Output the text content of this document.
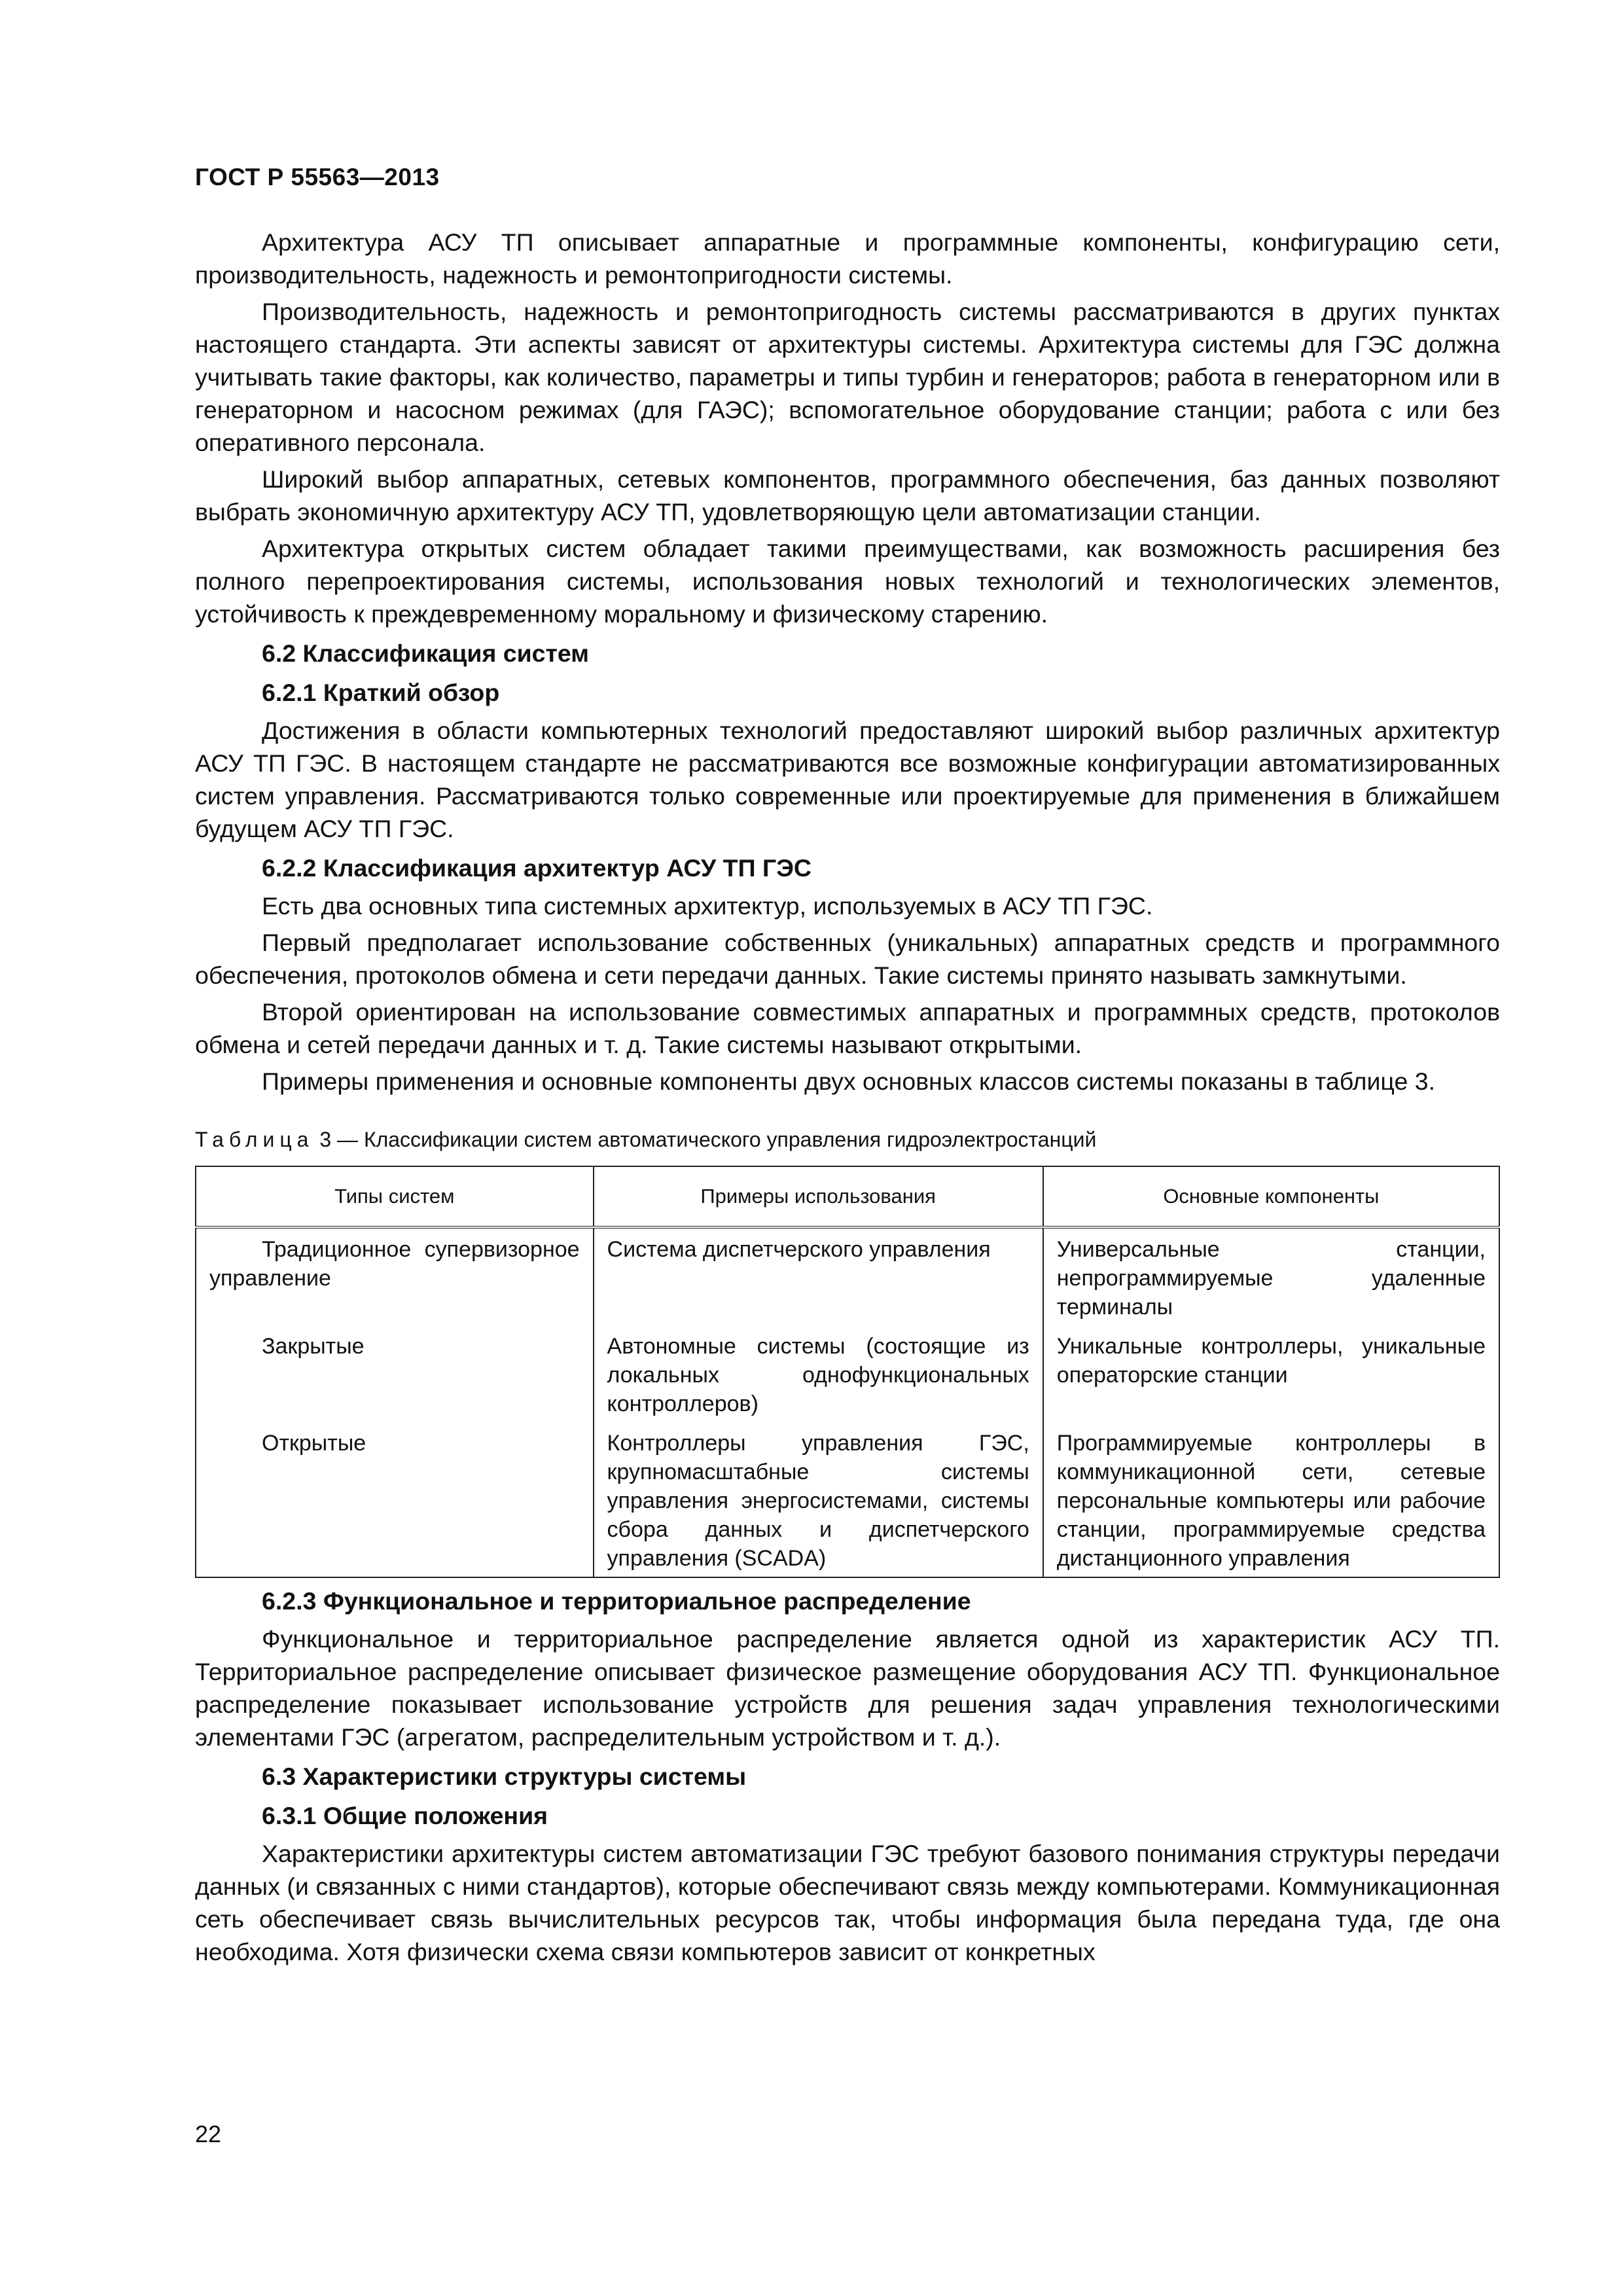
ГОСТ Р 55563—2013

Архитектура АСУ ТП описывает аппаратные и программные компоненты, конфигурацию сети, производительность, надежность и ремонтопригодности системы.

Производительность, надежность и ремонтопригодность системы рассматриваются в других пунктах настоящего стандарта. Эти аспекты зависят от архитектуры системы. Архитектура системы для ГЭС должна учитывать такие факторы, как количество, параметры и типы турбин и генераторов; работа в генераторном или в генераторном и насосном режимах (для ГАЭС); вспомогательное оборудование станции; работа с или без оперативного персонала.

Широкий выбор аппаратных, сетевых компонентов, программного обеспечения, баз данных позволяют выбрать экономичную архитектуру АСУ ТП, удовлетворяющую цели автоматизации станции.

Архитектура открытых систем обладает такими преимуществами, как возможность расширения без полного перепроектирования системы, использования новых технологий и технологических элементов, устойчивость к преждевременному моральному и физическому старению.

6.2 Классификация систем
6.2.1 Краткий обзор

Достижения в области компьютерных технологий предоставляют широкий выбор различных архитектур АСУ ТП ГЭС. В настоящем стандарте не рассматриваются все возможные конфигурации автоматизированных систем управления. Рассматриваются только современные или проектируемые для применения в ближайшем будущем АСУ ТП ГЭС.

6.2.2 Классификация архитектур АСУ ТП ГЭС

Есть два основных типа системных архитектур, используемых в АСУ ТП ГЭС.

Первый предполагает использование собственных (уникальных) аппаратных средств и программного обеспечения, протоколов обмена и сети передачи данных. Такие системы принято называть замкнутыми.

Второй ориентирован на использование совместимых аппаратных и программных средств, протоколов обмена и сетей передачи данных и т. д. Такие системы называют открытыми.

Примеры применения и основные компоненты двух основных классов системы показаны в таблице 3.

Таблица 3 — Классификации систем автоматического управления гидроэлектростанций
Типы систем	Примеры использования	Основные компоненты
Традиционное супервизорное управление	Система диспетчерского управления	Универсальные станции, непрограммируемые удаленные терминалы
Закрытые	Автономные системы (состоящие из локальных однофункциональных контроллеров)	Уникальные контроллеры, уникальные операторские станции
Открытые	Контроллеры управления ГЭС, крупномасштабные системы управления энергосистемами, системы сбора данных и диспетчерского управления (SCADA)	Программируемые контроллеры в коммуникационной сети, сетевые персональные компьютеры или рабочие станции, программируемые средства дистанционного управления
6.2.3 Функциональное и территориальное распределение

Функциональное и территориальное распределение является одной из характеристик АСУ ТП. Территориальное распределение описывает физическое размещение оборудования АСУ ТП. Функциональное распределение показывает использование устройств для решения задач управления технологическими элементами ГЭС (агрегатом, распределительным устройством и т. д.).

6.3 Характеристики структуры системы
6.3.1 Общие положения

Характеристики архитектуры систем автоматизации ГЭС требуют базового понимания структуры передачи данных (и связанных с ними стандартов), которые обеспечивают связь между компьютерами. Коммуникационная сеть обеспечивает связь вычислительных ресурсов так, чтобы информация была передана туда, где она необходима. Хотя физически схема связи компьютеров зависит от конкретных

22
